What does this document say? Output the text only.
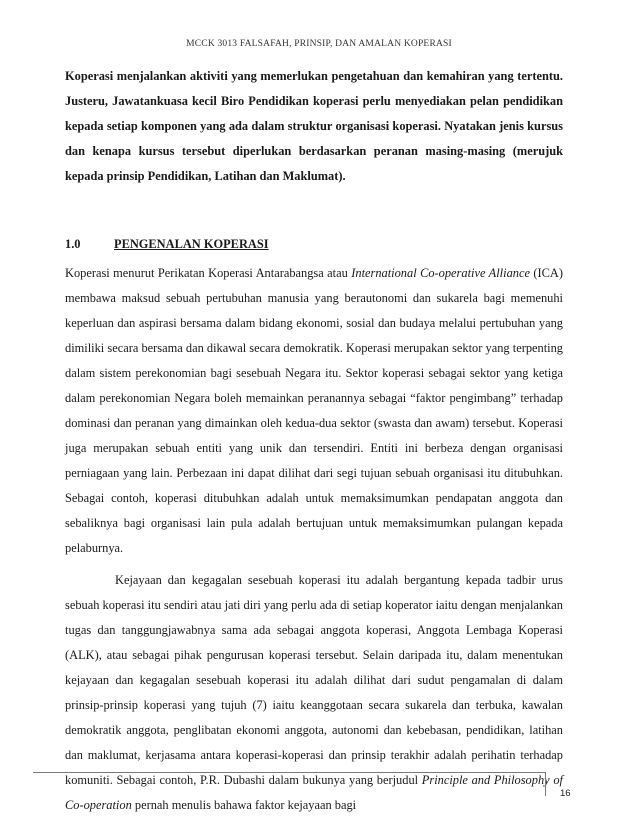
MCCK 3013 FALSAFAH, PRINSIP, DAN AMALAN KOPERASI

Koperasi menjalankan aktiviti yang memerlukan pengetahuan dan kemahiran yang tertentu. Justeru, Jawatankuasa kecil Biro Pendidikan koperasi perlu menyediakan pelan pendidikan kepada setiap komponen yang ada dalam struktur organisasi koperasi. Nyatakan jenis kursus dan kenapa kursus tersebut diperlukan berdasarkan peranan masing-masing (merujuk kepada prinsip Pendidikan, Latihan dan Maklumat).

1.0	PENGENALAN KOPERASI

Koperasi menurut Perikatan Koperasi Antarabangsa atau International Co-operative Alliance (ICA) membawa maksud sebuah pertubuhan manusia yang berautonomi dan sukarela bagi memenuhi keperluan dan aspirasi bersama dalam bidang ekonomi, sosial dan budaya melalui pertubuhan yang dimiliki secara bersama dan dikawal secara demokratik. Koperasi merupakan sektor yang terpenting dalam sistem perekonomian bagi sesebuah Negara itu. Sektor koperasi sebagai sektor yang ketiga dalam perekonomian Negara boleh memainkan peranannya sebagai “faktor pengimbang” terhadap dominasi dan peranan yang dimainkan oleh kedua-dua sektor (swasta dan awam) tersebut. Koperasi juga merupakan sebuah entiti yang unik dan tersendiri. Entiti ini berbeza dengan organisasi perniagaan yang lain. Perbezaan ini dapat dilihat dari segi tujuan sebuah organisasi itu ditubuhkan. Sebagai contoh, koperasi ditubuhkan adalah untuk memaksimumkan pendapatan anggota dan sebaliknya bagi organisasi lain pula adalah bertujuan untuk memaksimumkan pulangan kepada pelaburnya.

Kejayaan dan kegagalan sesebuah koperasi itu adalah bergantung kepada tadbir urus sebuah koperasi itu sendiri atau jati diri yang perlu ada di setiap koperator iaitu dengan menjalankan tugas dan tanggungjawabnya sama ada sebagai anggota koperasi, Anggota Lembaga Koperasi (ALK), atau sebagai pihak pengurusan koperasi tersebut. Selain daripada itu, dalam menentukan kejayaan dan kegagalan sesebuah koperasi itu adalah dilihat dari sudut pengamalan di dalam prinsip-prinsip koperasi yang tujuh (7) iaitu keanggotaan secara sukarela dan terbuka, kawalan demokratik anggota, penglibatan ekonomi anggota, autonomi dan kebebasan, pendidikan, latihan dan maklumat, kerjasama antara koperasi-koperasi dan prinsip terakhir adalah perihatin terhadap komuniti. Sebagai contoh, P.R. Dubashi dalam bukunya yang berjudul Principle and Philosophy of Co-operation pernah menulis bahawa faktor kejayaan bagi

16
